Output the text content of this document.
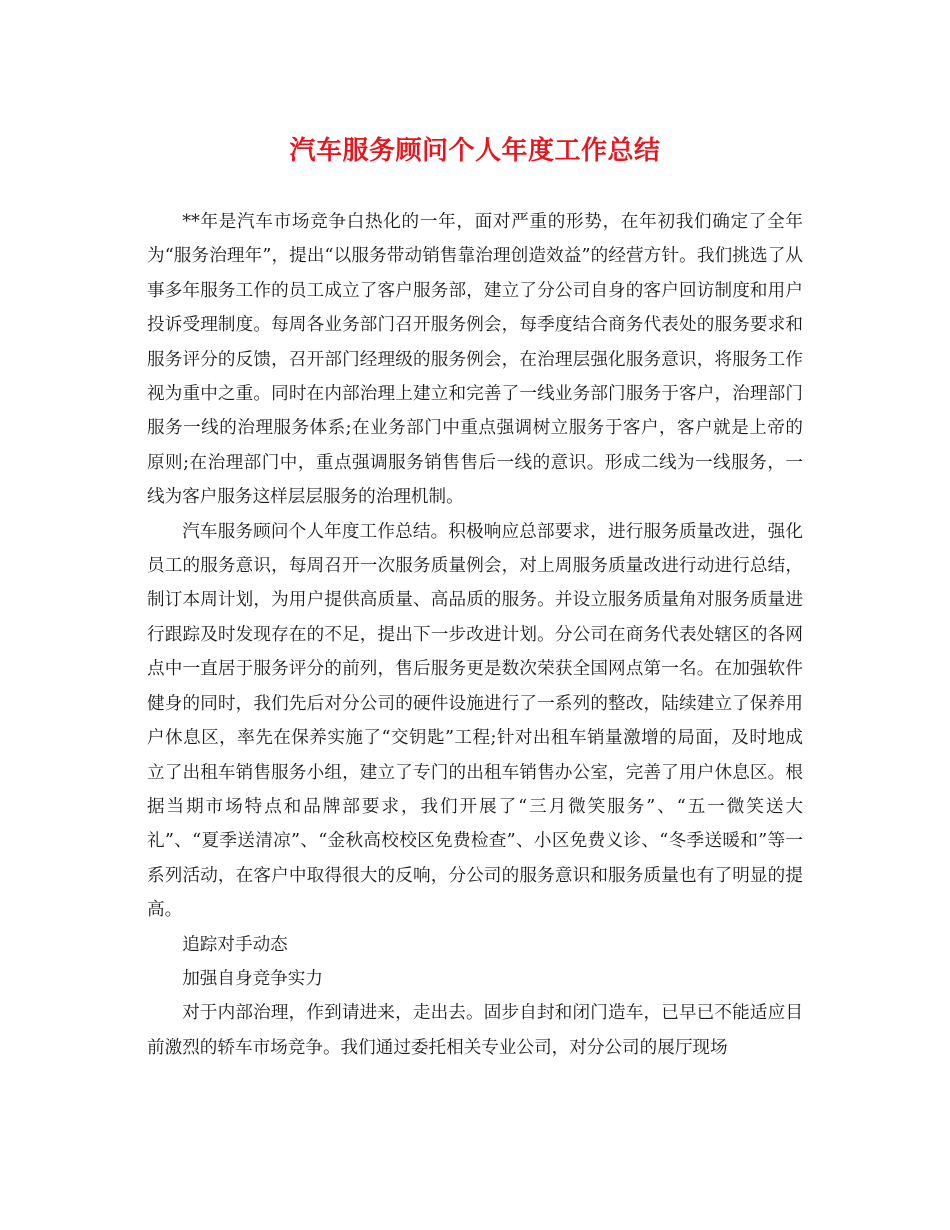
汽车服务顾问个人年度工作总结

**年是汽车市场竞争白热化的一年，面对严重的形势，在年初我们确定了全年为“服务治理年”，提出“以服务带动销售靠治理创造效益”的经营方针。我们挑选了从事多年服务工作的员工成立了客户服务部，建立了分公司自身的客户回访制度和用户投诉受理制度。每周各业务部门召开服务例会，每季度结合商务代表处的服务要求和服务评分的反馈，召开部门经理级的服务例会，在治理层强化服务意识，将服务工作视为重中之重。同时在内部治理上建立和完善了一线业务部门服务于客户，治理部门服务一线的治理服务体系;在业务部门中重点强调树立服务于客户，客户就是上帝的原则;在治理部门中，重点强调服务销售售后一线的意识。形成二线为一线服务，一线为客户服务这样层层服务的治理机制。

汽车服务顾问个人年度工作总结。积极响应总部要求，进行服务质量改进，强化员工的服务意识，每周召开一次服务质量例会，对上周服务质量改进行动进行总结，制订本周计划，为用户提供高质量、高品质的服务。并设立服务质量角对服务质量进行跟踪及时发现存在的不足，提出下一步改进计划。分公司在商务代表处辖区的各网点中一直居于服务评分的前列，售后服务更是数次荣获全国网点第一名。在加强软件健身的同时，我们先后对分公司的硬件设施进行了一系列的整改，陆续建立了保养用户休息区，率先在保养实施了“交钥匙”工程;针对出租车销量激增的局面，及时地成立了出租车销售服务小组，建立了专门的出租车销售办公室，完善了用户休息区。根据当期市场特点和品牌部要求，我们开展了“三月微笑服务”、“五一微笑送大礼”、“夏季送清凉”、“金秋高校校区免费检查”、小区免费义诊、“冬季送暖和”等一系列活动，在客户中取得很大的反响，分公司的服务意识和服务质量也有了明显的提高。

追踪对手动态

加强自身竞争实力

对于内部治理，作到请进来，走出去。固步自封和闭门造车，已早已不能适应目前激烈的轿车市场竞争。我们通过委托相关专业公司，对分公司的展厅现场
